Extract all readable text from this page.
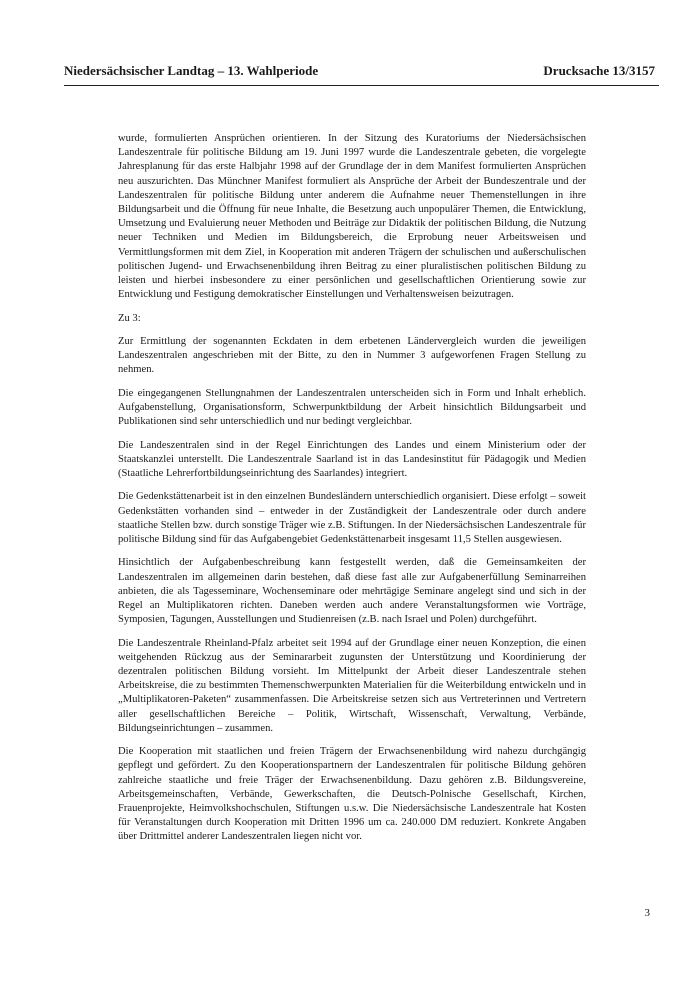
Niedersächsischer Landtag – 13. Wahlperiode	Drucksache 13/3157

wurde, formulierten Ansprüchen orientieren. In der Sitzung des Kuratoriums der Niedersächsischen Landeszentrale für politische Bildung am 19. Juni 1997 wurde die Landeszentrale gebeten, die vorgelegte Jahresplanung für das erste Halbjahr 1998 auf der Grundlage der in dem Manifest formulierten Ansprüchen neu auszurichten. Das Münchner Manifest formuliert als Ansprüche der Arbeit der Bundeszentrale und der Landeszentralen für politische Bildung unter anderem die Aufnahme neuer Themenstellungen in ihre Bildungsarbeit und die Öffnung für neue Inhalte, die Besetzung auch unpopulärer Themen, die Entwicklung, Umsetzung und Evaluierung neuer Methoden und Beiträge zur Didaktik der politischen Bildung, die Nutzung neuer Techniken und Medien im Bildungsbereich, die Erprobung neuer Arbeitsweisen und Vermittlungsformen mit dem Ziel, in Kooperation mit anderen Trägern der schulischen und außerschulischen politischen Jugend- und Erwachsenenbildung ihren Beitrag zu einer pluralistischen politischen Bildung zu leisten und hierbei insbesondere zu einer persönlichen und gesellschaftlichen Orientierung sowie zur Entwicklung und Festigung demokratischer Einstellungen und Verhaltensweisen beizutragen.

Zu 3:

Zur Ermittlung der sogenannten Eckdaten in dem erbetenen Ländervergleich wurden die jeweiligen Landeszentralen angeschrieben mit der Bitte, zu den in Nummer 3 aufgeworfenen Fragen Stellung zu nehmen.

Die eingegangenen Stellungnahmen der Landeszentralen unterscheiden sich in Form und Inhalt erheblich. Aufgabenstellung, Organisationsform, Schwerpunktbildung der Arbeit hinsichtlich Bildungsarbeit und Publikationen sind sehr unterschiedlich und nur bedingt vergleichbar.

Die Landeszentralen sind in der Regel Einrichtungen des Landes und einem Ministerium oder der Staatskanzlei unterstellt. Die Landeszentrale Saarland ist in das Landesinstitut für Pädagogik und Medien (Staatliche Lehrerfortbildungseinrichtung des Saarlandes) integriert.

Die Gedenkstättenarbeit ist in den einzelnen Bundesländern unterschiedlich organisiert. Diese erfolgt – soweit Gedenkstätten vorhanden sind – entweder in der Zuständigkeit der Landeszentrale oder durch andere staatliche Stellen bzw. durch sonstige Träger wie z.B. Stiftungen. In der Niedersächsischen Landeszentrale für politische Bildung sind für das Aufgabengebiet Gedenkstättenarbeit insgesamt 11,5 Stellen ausgewiesen.

Hinsichtlich der Aufgabenbeschreibung kann festgestellt werden, daß die Gemeinsamkeiten der Landeszentralen im allgemeinen darin bestehen, daß diese fast alle zur Aufgabenerfüllung Seminarreihen anbieten, die als Tagesseminare, Wochenseminare oder mehrtägige Seminare angelegt sind und sich in der Regel an Multiplikatoren richten. Daneben werden auch andere Veranstaltungsformen wie Vorträge, Symposien, Tagungen, Ausstellungen und Studienreisen (z.B. nach Israel und Polen) durchgeführt.

Die Landeszentrale Rheinland-Pfalz arbeitet seit 1994 auf der Grundlage einer neuen Konzeption, die einen weitgehenden Rückzug aus der Seminararbeit zugunsten der Unterstützung und Koordinierung der dezentralen politischen Bildung vorsieht. Im Mittelpunkt der Arbeit dieser Landeszentrale stehen Arbeitskreise, die zu bestimmten Themenschwerpunkten Materialien für die Weiterbildung entwickeln und in „Multiplikatoren-Paketen“ zusammenfassen. Die Arbeitskreise setzen sich aus Vertreterinnen und Vertretern aller gesellschaftlichen Bereiche – Politik, Wirtschaft, Wissenschaft, Verwaltung, Verbände, Bildungseinrichtungen – zusammen.

Die Kooperation mit staatlichen und freien Trägern der Erwachsenenbildung wird nahezu durchgängig gepflegt und gefördert. Zu den Kooperationspartnern der Landeszentralen für politische Bildung gehören zahlreiche staatliche und freie Träger der Erwachsenenbildung. Dazu gehören z.B. Bildungsvereine, Arbeitsgemeinschaften, Verbände, Gewerkschaften, die Deutsch-Polnische Gesellschaft, Kirchen, Frauenprojekte, Heimvolkshochschulen, Stiftungen u.s.w. Die Niedersächsische Landeszentrale hat Kosten für Veranstaltungen durch Kooperation mit Dritten 1996 um ca. 240.000 DM reduziert. Konkrete Angaben über Drittmittel anderer Landeszentralen liegen nicht vor.

3
